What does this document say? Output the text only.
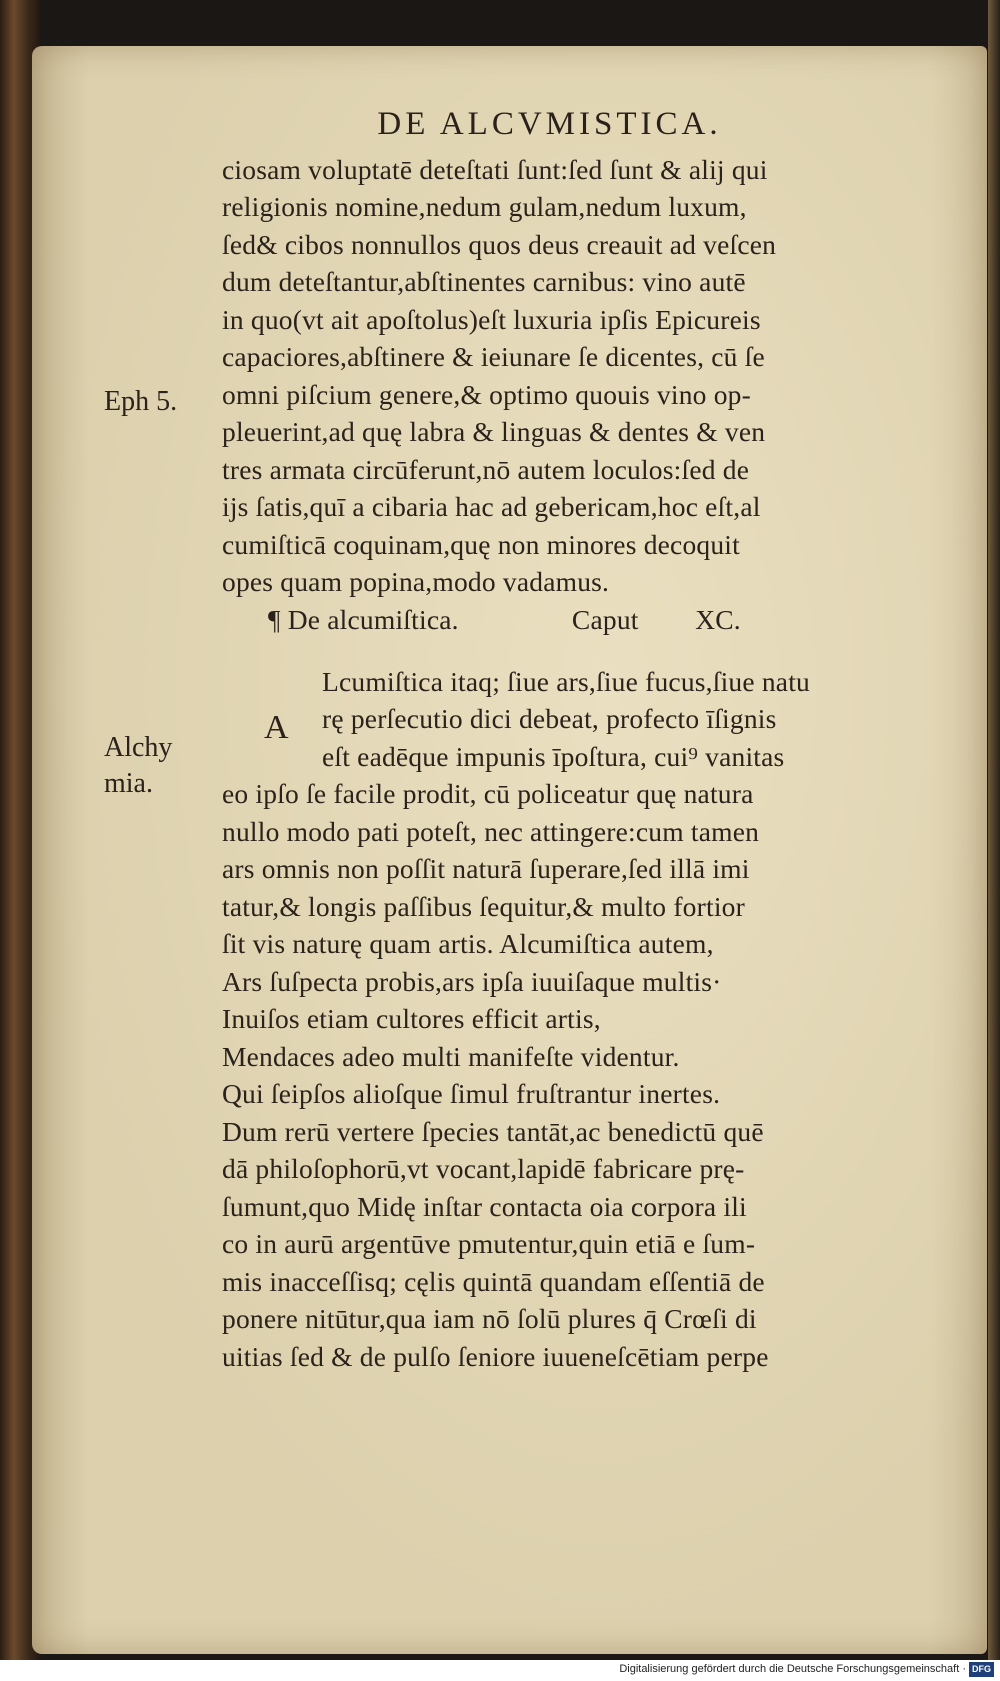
DE ALCVMISTICA.
Eph 5.
Alchy
mia.
A
ciosam voluptatē deteſtati ſunt:ſed ſunt & alij qui
religionis nomine,nedum gulam,nedum luxum,
ſed& cibos nonnullos quos deus creauit ad veſcen
dum deteſtantur,abſtinentes carnibus: vino autē
in quo(vt ait apoſtolus)eſt luxuria ipſis Epicureis
capaciores,abſtinere & ieiunare ſe dicentes, cū ſe
omni piſcium genere,& optimo quouis vino op-
pleuerint,ad quę labra & linguas & dentes & ven
tres armata circūferunt,nō autem loculos:ſed de
ijs ſatis,quī a cibaria hac ad gebericam,hoc eſt,al
cumiſticā coquinam,quę non minores decoquit
opes quam popina,modo vadamus.
¶ De alcumiſtica.                Caput        XC.
Lcumiſtica itaq; ſiue ars,ſiue fucus,ſiue natu
rę perſecutio dici debeat, profecto īſignis
eſt eadēque impunis īpoſtura, cui⁹ vanitas
eo ipſo ſe facile prodit, cū policeatur quę natura
nullo modo pati poteſt, nec attingere:cum tamen
ars omnis non poſſit naturā ſuperare,ſed illā imi
tatur,& longis paſſibus ſequitur,& multo fortior
ſit vis naturę quam artis. Alcumiſtica autem,
Ars ſuſpecta probis,ars ipſa iuuiſaque multis·
Inuiſos etiam cultores efficit artis,
Mendaces adeo multi manifeſte videntur.
Qui ſeipſos alioſque ſimul fruſtrantur inertes.
Dum rerū vertere ſpecies tantāt,ac benedictū quē
dā philoſophorū,vt vocant,lapidē fabricare prę-
ſumunt,quo Midę inſtar contacta oia corpora ili
co in aurū argentūve pmutentur,quin etiā e ſum-
mis inacceſſisq; cęlis quintā quandam eſſentiā de
ponere nitūtur,qua iam nō ſolū plures q̄ Crœſi di
uitias ſed & de pulſo ſeniore iuueneſcētiam perpe
Digitalisierung gefördert durch die Deutsche Forschungsgemeinschaft · DFG
